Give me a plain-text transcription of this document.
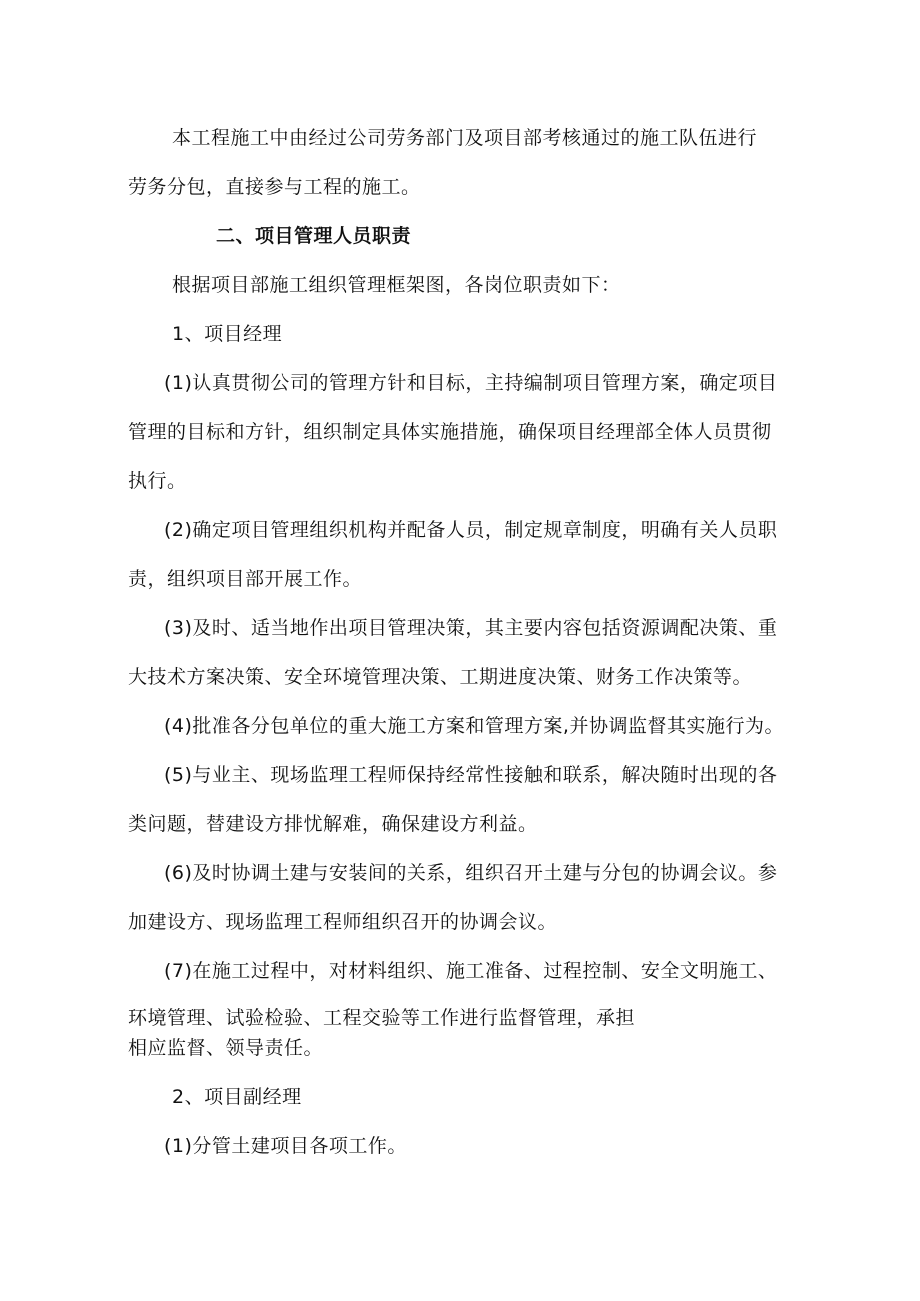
本工程施工中由经过公司劳务部门及项目部考核通过的施工队伍进行
劳务分包，直接参与工程的施工。
二、项目管理人员职责
根据项目部施工组织管理框架图，各岗位职责如下：
1、项目经理
(1)认真贯彻公司的管理方针和目标，主持编制项目管理方案，确定项目
管理的目标和方针，组织制定具体实施措施，确保项目经理部全体人员贯彻
执行。
(2)确定项目管理组织机构并配备人员，制定规章制度，明确有关人员职
责，组织项目部开展工作。
(3)及时、适当地作出项目管理决策，其主要内容包括资源调配决策、重
大技术方案决策、安全环境管理决策、工期进度决策、财务工作决策等。
(4)批准各分包单位的重大施工方案和管理方案,并协调监督其实施行为。
(5)与业主、现场监理工程师保持经常性接触和联系，解决随时出现的各
类问题，替建设方排忧解难，确保建设方利益。
(6)及时协调土建与安装间的关系，组织召开土建与分包的协调会议。参
加建设方、现场监理工程师组织召开的协调会议。
(7)在施工过程中，对材料组织、施工准备、过程控制、安全文明施工、
环境管理、试验检验、工程交验等工作进行监督管理，承担
相应监督、领导责任。
2、项目副经理
(1)分管土建项目各项工作。
